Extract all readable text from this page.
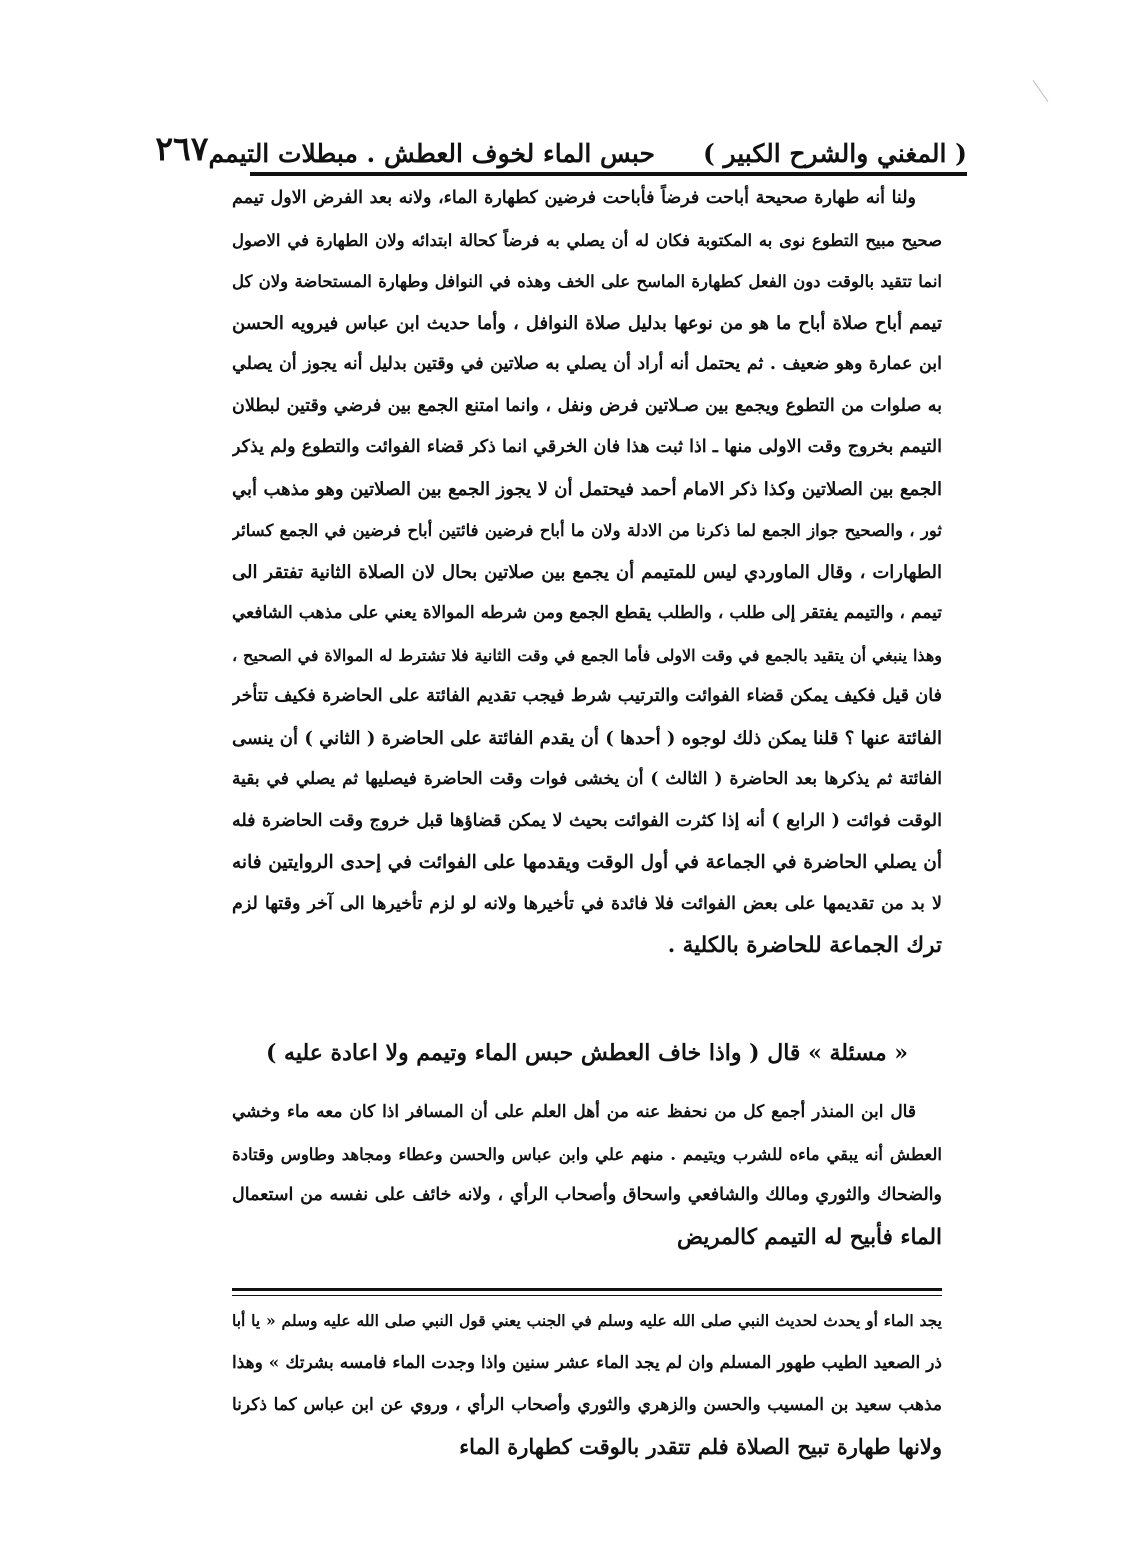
( المغني والشرح الكبير )
حبس الماء لخوف العطش . مبطلات التيمم
٢٦٧
ولنا أنه طهارة صحيحة أباحت فرضاً فأباحت فرضين كطهارة الماء، ولانه بعد الفرض الاول تيمم
صحيح مبيح التطوع نوى به المكتوبة فكان له أن يصلي به فرضاً كحالة ابتدائه ولان الطهارة في الاصول
انما تتقيد بالوقت دون الفعل كطهارة الماسح على الخف وهذه في النوافل وطهارة المستحاضة ولان كل
تيمم أباح صلاة أباح ما هو من نوعها بدليل صلاة النوافل ، وأما حديث ابن عباس فيرويه الحسن
ابن عمارة وهو ضعيف . ثم يحتمل أنه أراد أن يصلي به صلاتين في وقتين بدليل أنه يجوز أن يصلي
به صلوات من التطوع ويجمع بين صـلاتين فرض ونفل ، وانما امتنع الجمع بين فرضي وقتين لبطلان
التيمم بخروج وقت الاولى منها ـ اذا ثبت هذا فان الخرقي انما ذكر قضاء الفوائت والتطوع ولم يذكر
الجمع بين الصلاتين وكذا ذكر الامام أحمد فيحتمل أن لا يجوز الجمع بين الصلاتين وهو مذهب أبي
ثور ، والصحيح جواز الجمع لما ذكرنا من الادلة ولان ما أباح فرضين فائتين أباح فرضين في الجمع كسائر
الطهارات ، وقال الماوردي ليس للمتيمم أن يجمع بين صلاتين بحال لان الصلاة الثانية تفتقر الى
تيمم ، والتيمم يفتقر إلى طلب ، والطلب يقطع الجمع ومن شرطه الموالاة يعني على مذهب الشافعي
وهذا ينبغي أن يتقيد بالجمع في وقت الاولى فأما الجمع في وقت الثانية فلا تشترط له الموالاة في الصحيح ،
فان قيل فكيف يمكن قضاء الفوائت والترتيب شرط فيجب تقديم الفائتة على الحاضرة فكيف تتأخر
الفائتة عنها ؟ قلنا يمكن ذلك لوجوه ( أحدها ) أن يقدم الفائتة على الحاضرة ( الثاني ) أن ينسى
الفائتة ثم يذكرها بعد الحاضرة ( الثالث ) أن يخشى فوات وقت الحاضرة فيصليها ثم يصلي في بقية
الوقت فوائت ( الرابع ) أنه إذا كثرت الفوائت بحيث لا يمكن قضاؤها قبل خروج وقت الحاضرة فله
أن يصلي الحاضرة في الجماعة في أول الوقت ويقدمها على الفوائت في إحدى الروايتين فانه
لا بد من تقديمها على بعض الفوائت فلا فائدة في تأخيرها ولانه لو لزم تأخيرها الى آخر وقتها لزم
ترك الجماعة للحاضرة بالكلية .
« مسئلة » قال ( واذا خاف العطش حبس الماء وتيمم ولا اعادة عليه )
قال ابن المنذر أجمع كل من نحفظ عنه من أهل العلم على أن المسافر اذا كان معه ماء وخشي
العطش أنه يبقي ماءه للشرب ويتيمم . منهم علي وابن عباس والحسن وعطاء ومجاهد وطاوس وقتادة
والضحاك والثوري ومالك والشافعي واسحاق وأصحاب الرأي ، ولانه خائف على نفسه من استعمال
الماء فأبيح له التيمم كالمريض
يجد الماء أو يحدث لحديث النبي صلى الله عليه وسلم في الجنب يعني قول النبي صلى الله عليه وسلم « يا أبا
ذر الصعيد الطيب طهور المسلم وان لم يجد الماء عشر سنين واذا وجدت الماء فامسه بشرتك » وهذا
مذهب سعيد بن المسيب والحسن والزهري والثوري وأصحاب الرأي ، وروي عن ابن عباس كما ذكرنا
ولانها طهارة تبيح الصلاة فلم تتقدر بالوقت كطهارة الماء
